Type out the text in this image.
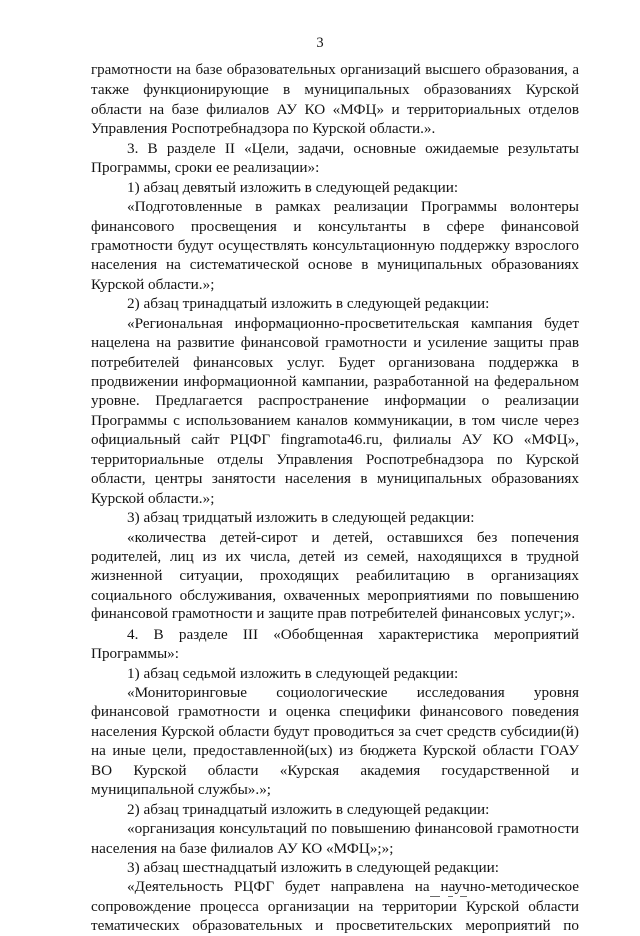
3
грамотности на базе образовательных организаций высшего образования, а
также функционирующие в муниципальных образованиях Курской
области на базе филиалов АУ КО «МФЦ» и территориальных отделов
Управления Роспотребнадзора по Курской области.».
3. В разделе II «Цели, задачи, основные ожидаемые результаты
Программы, сроки ее реализации»:
1) абзац девятый изложить в следующей редакции:
«Подготовленные в рамках реализации Программы волонтеры
финансового просвещения и консультанты в сфере финансовой
грамотности будут осуществлять консультационную поддержку взрослого
населения на систематической основе в муниципальных образованиях
Курской области.»;
2) абзац тринадцатый изложить в следующей редакции:
«Региональная информационно-просветительская кампания будет
нацелена на развитие финансовой грамотности и усиление защиты прав
потребителей финансовых услуг. Будет организована поддержка в
продвижении информационной кампании, разработанной на федеральном
уровне. Предлагается распространение информации о реализации
Программы с использованием каналов коммуникации, в том числе через
официальный сайт РЦФГ fingramota46.ru, филиалы АУ КО «МФЦ»,
территориальные отделы Управления Роспотребнадзора по Курской
области, центры занятости населения в муниципальных образованиях
Курской области.»;
3) абзац тридцатый изложить в следующей редакции:
«количества детей-сирот и детей, оставшихся без попечения
родителей, лиц из их числа, детей из семей, находящихся в трудной
жизненной ситуации, проходящих реабилитацию в организациях
социального обслуживания, охваченных мероприятиями по повышению
финансовой грамотности и защите прав потребителей финансовых услуг;».
4. В разделе III «Обобщенная характеристика мероприятий
Программы»:
1) абзац седьмой изложить в следующей редакции:
«Мониторинговые социологические исследования уровня
финансовой грамотности и оценка специфики финансового поведения
населения Курской области будут проводиться за счет средств субсидии(й)
на иные цели, предоставленной(ых) из бюджета Курской области ГОАУ
ВО Курской области «Курская академия государственной и
муниципальной службы».»;
2) абзац тринадцатый изложить в следующей редакции:
«организация консультаций по повышению финансовой грамотности
населения на базе филиалов АУ КО «МФЦ»;»;
3) абзац шестнадцатый изложить в следующей редакции:
«Деятельность РЦФГ будет направлена на научно-методическое
сопровождение процесса организации на территории Курской области
тематических образовательных и просветительских мероприятий по
